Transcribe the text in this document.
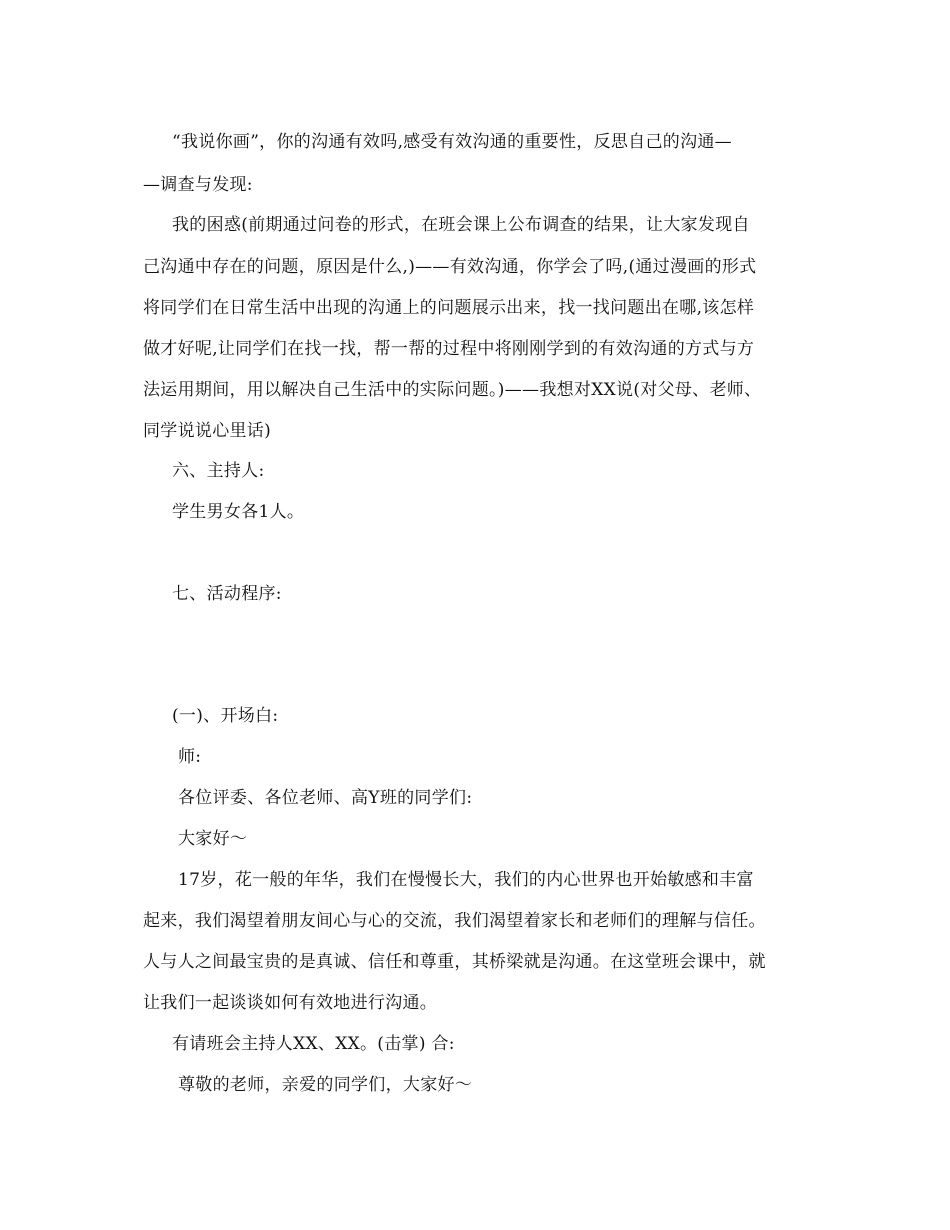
“我说你画”，你的沟通有效吗,感受有效沟通的重要性，反思自己的沟通—
—调查与发现:
我的困惑(前期通过问卷的形式，在班会课上公布调查的结果，让大家发现自
己沟通中存在的问题，原因是什么,)——有效沟通，你学会了吗,(通过漫画的形式
将同学们在日常生活中出现的沟通上的问题展示出来，找一找问题出在哪,该怎样
做才好呢,让同学们在找一找，帮一帮的过程中将刚刚学到的有效沟通的方式与方
法运用期间，用以解决自己生活中的实际问题。)——我想对XX说(对父母、老师、
同学说说心里话)
六、主持人:
学生男女各1人。
七、活动程序:
(一)、开场白:
师:
各位评委、各位老师、高Y班的同学们:
大家好～
17岁，花一般的年华，我们在慢慢长大，我们的内心世界也开始敏感和丰富
起来，我们渴望着朋友间心与心的交流，我们渴望着家长和老师们的理解与信任。
人与人之间最宝贵的是真诚、信任和尊重，其桥梁就是沟通。在这堂班会课中，就
让我们一起谈谈如何有效地进行沟通。
有请班会主持人XX、XX。(击掌) 合:
尊敬的老师，亲爱的同学们，大家好～
